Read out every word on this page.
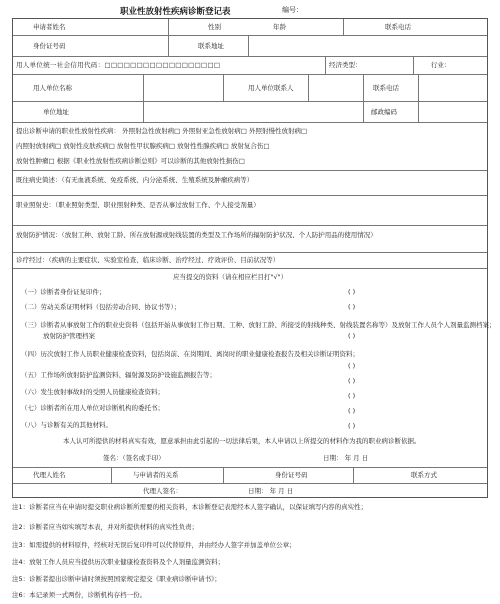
职业性放射性疾病诊断登记表	编号：
申请者姓名	性别	年龄	联系电话
身份证号码	联系地址
用人单位统一社会信用代码：□□□□□□□□□□□□□□□□□□	经济类型：	行业：
用人单位名称	用人单位联系人	联系电话
单位地址	邮政编码
提出诊断申请的职业性放射性疾病： 外照射急性放射病□ 外照射亚急性放射病□ 外照射慢性放射病□
内照射放射病□ 放射性皮肤疾病□ 放射性甲状腺疾病□ 放射性性腺疾病□ 放射复合伤□
放射性肿瘤□ 根据《职业性放射性疾病诊断总则》可以诊断的其他放射性损伤□
既往病史简述：（有无血液系统、免疫系统、内分泌系统、生殖系统及肿瘤疾病等）
职业照射史：（职业照射类型、职业照射种类、是否从事过放射工作、个人接受剂量）
放射防护情况：（放射工种、放射工龄、所在放射源或射线装置的类型及工作场所的辐射防护状况、个人防护用品的使用情况）
诊疗经过：（疾病的主要症状、实验室检查、临床诊断、治疗经过、疗效评价、目前状况等）
应当提交的资料（请在相应栏目打"√"）
（一）诊断者身份证复印件；	( )
（二）劳动关系证明材料（包括劳动合同、协议书等）；	( )
（三）诊断者从事放射工作的职业史资料（包括开始从事放射工作日期、工种、放射工龄、所接受的射线种类、射线装置名称等）及放射工作人员个人剂量监测档案；
放射防护管理档案	( )
（四）历次放射工作人员职业健康检查资料，包括岗前、在岗期间、离岗时的职业健康检查报告及相关诊断证明资料；
( )
（五）工作场所放射防护监测资料、辐射源及防护设施监测报告等；
( )
（六）发生放射事故时的受照人员健康检查资料；	( )
（七）诊断者所在用人单位对诊断机构的委托书；	( )
（八）与诊断有关的其他材料。	( )
本人认可所提供的材料真实有效，愿意承担由此引起的一切法律后果，本人申请以上所提交的材料作为我的职业病诊断依据。
签名：（签名或手印）	日期： 年 月 日
代理人姓名	与申请者的关系	身份证号码	联系方式
代理人签名：	日期： 年 月 日
注1：诊断者应当在申请时提交职业病诊断所需要的相关资料，本诊断登记表需经本人签字确认，以保证填写内容的真实性；
注2：诊断者应当如实填写本表，并对所提供材料的真实性负责；
注3：如需提供的材料原件，经核对无误后复印件可以代替原件，并由经办人签字并加盖单位公章；
注4：放射工作人员应当提供历次职业健康检查资料及个人剂量监测资料；
注5：诊断者提出诊断申请时须按照国家规定提交《职业病诊断申请书》；
注6：本记录须一式两份，诊断机构存档一份。
